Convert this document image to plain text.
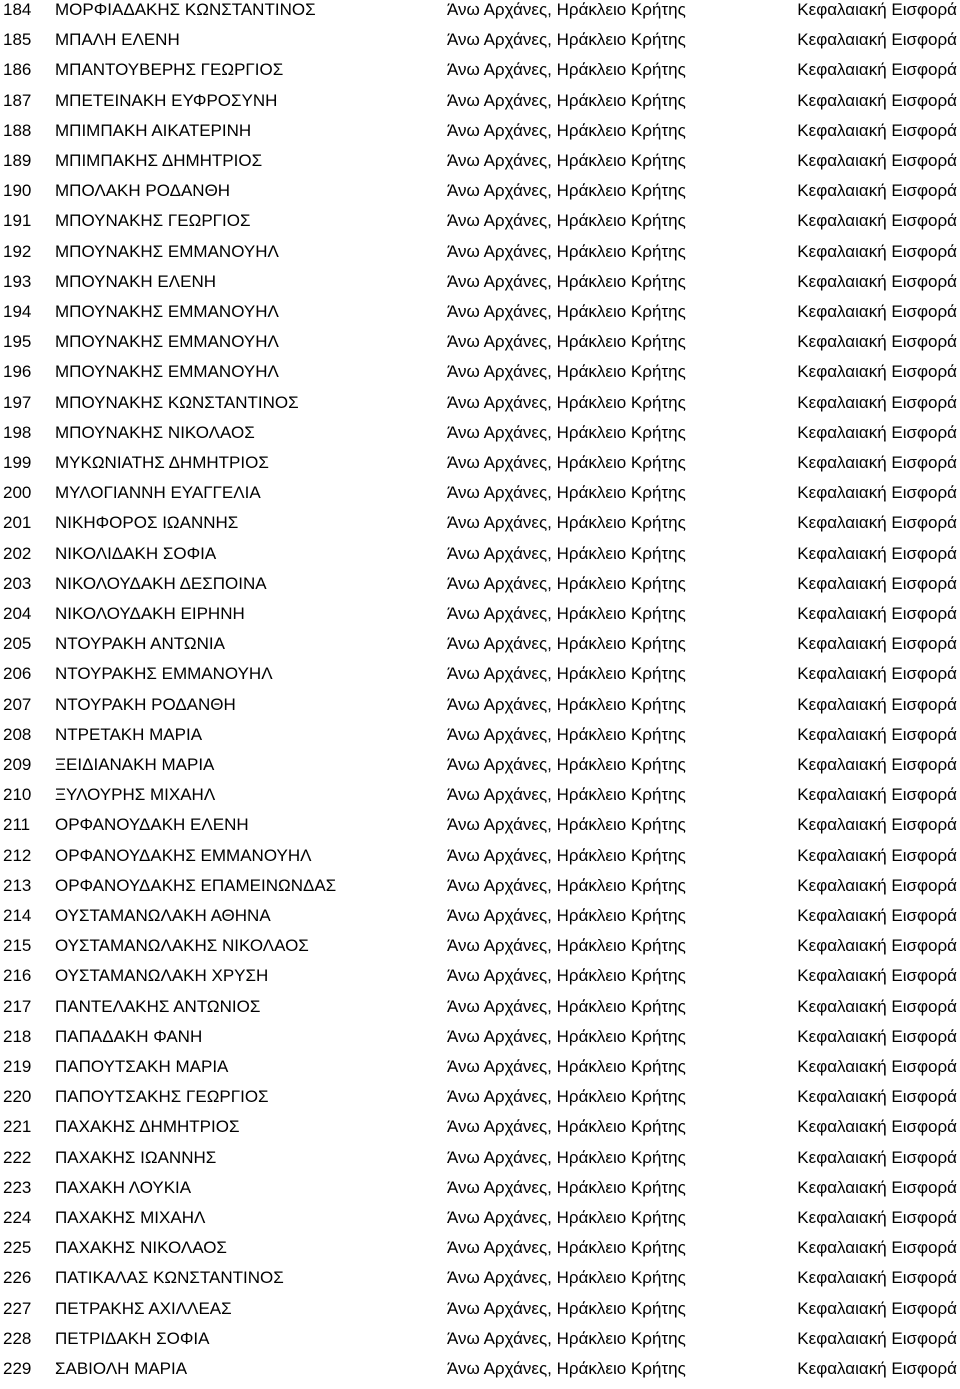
184	ΜΟΡΦΙΑΔΑΚΗΣ ΚΩΝΣΤΑΝΤΙΝΟΣ	Άνω Αρχάνες, Ηράκλειο Κρήτης	Κεφαλαιακή Εισφορά
185	ΜΠΑΛΗ ΕΛΕΝΗ	Άνω Αρχάνες, Ηράκλειο Κρήτης	Κεφαλαιακή Εισφορά
186	ΜΠΑΝΤΟΥΒΕΡΗΣ ΓΕΩΡΓΙΟΣ	Άνω Αρχάνες, Ηράκλειο Κρήτης	Κεφαλαιακή Εισφορά
187	ΜΠΕΤΕΙΝΑΚΗ ΕΥΦΡΟΣΥΝΗ	Άνω Αρχάνες, Ηράκλειο Κρήτης	Κεφαλαιακή Εισφορά
188	ΜΠΙΜΠΑΚΗ ΑΙΚΑΤΕΡΙΝΗ	Άνω Αρχάνες, Ηράκλειο Κρήτης	Κεφαλαιακή Εισφορά
189	ΜΠΙΜΠΑΚΗΣ ΔΗΜΗΤΡΙΟΣ	Άνω Αρχάνες, Ηράκλειο Κρήτης	Κεφαλαιακή Εισφορά
190	ΜΠΟΛΑΚΗ ΡΟΔΑΝΘΗ	Άνω Αρχάνες, Ηράκλειο Κρήτης	Κεφαλαιακή Εισφορά
191	ΜΠΟΥΝΑΚΗΣ ΓΕΩΡΓΙΟΣ	Άνω Αρχάνες, Ηράκλειο Κρήτης	Κεφαλαιακή Εισφορά
192	ΜΠΟΥΝΑΚΗΣ ΕΜΜΑΝΟΥΗΛ	Άνω Αρχάνες, Ηράκλειο Κρήτης	Κεφαλαιακή Εισφορά
193	ΜΠΟΥΝΑΚΗ ΕΛΕΝΗ	Άνω Αρχάνες, Ηράκλειο Κρήτης	Κεφαλαιακή Εισφορά
194	ΜΠΟΥΝΑΚΗΣ ΕΜΜΑΝΟΥΗΛ	Άνω Αρχάνες, Ηράκλειο Κρήτης	Κεφαλαιακή Εισφορά
195	ΜΠΟΥΝΑΚΗΣ ΕΜΜΑΝΟΥΗΛ	Άνω Αρχάνες, Ηράκλειο Κρήτης	Κεφαλαιακή Εισφορά
196	ΜΠΟΥΝΑΚΗΣ ΕΜΜΑΝΟΥΗΛ	Άνω Αρχάνες, Ηράκλειο Κρήτης	Κεφαλαιακή Εισφορά
197	ΜΠΟΥΝΑΚΗΣ ΚΩΝΣΤΑΝΤΙΝΟΣ	Άνω Αρχάνες, Ηράκλειο Κρήτης	Κεφαλαιακή Εισφορά
198	ΜΠΟΥΝΑΚΗΣ ΝΙΚΟΛΑΟΣ	Άνω Αρχάνες, Ηράκλειο Κρήτης	Κεφαλαιακή Εισφορά
199	ΜΥΚΩΝΙΑΤΗΣ ΔΗΜΗΤΡΙΟΣ	Άνω Αρχάνες, Ηράκλειο Κρήτης	Κεφαλαιακή Εισφορά
200	ΜΥΛΟΓΙΑΝΝΗ ΕΥΑΓΓΕΛΙΑ	Άνω Αρχάνες, Ηράκλειο Κρήτης	Κεφαλαιακή Εισφορά
201	ΝΙΚΗΦΟΡΟΣ ΙΩΑΝΝΗΣ	Άνω Αρχάνες, Ηράκλειο Κρήτης	Κεφαλαιακή Εισφορά
202	ΝΙΚΟΛΙΔΑΚΗ ΣΟΦΙΑ	Άνω Αρχάνες, Ηράκλειο Κρήτης	Κεφαλαιακή Εισφορά
203	ΝΙΚΟΛΟΥΔΑΚΗ ΔΕΣΠΟΙΝΑ	Άνω Αρχάνες, Ηράκλειο Κρήτης	Κεφαλαιακή Εισφορά
204	ΝΙΚΟΛΟΥΔΑΚΗ ΕΙΡΗΝΗ	Άνω Αρχάνες, Ηράκλειο Κρήτης	Κεφαλαιακή Εισφορά
205	ΝΤΟΥΡΑΚΗ ΑΝΤΩΝΙΑ	Άνω Αρχάνες, Ηράκλειο Κρήτης	Κεφαλαιακή Εισφορά
206	ΝΤΟΥΡΑΚΗΣ ΕΜΜΑΝΟΥΗΛ	Άνω Αρχάνες, Ηράκλειο Κρήτης	Κεφαλαιακή Εισφορά
207	ΝΤΟΥΡΑΚΗ ΡΟΔΑΝΘΗ	Άνω Αρχάνες, Ηράκλειο Κρήτης	Κεφαλαιακή Εισφορά
208	ΝΤΡΕΤΑΚΗ ΜΑΡΙΑ	Άνω Αρχάνες, Ηράκλειο Κρήτης	Κεφαλαιακή Εισφορά
209	ΞΕΙΔΙΑΝΑΚΗ ΜΑΡΙΑ	Άνω Αρχάνες, Ηράκλειο Κρήτης	Κεφαλαιακή Εισφορά
210	ΞΥΛΟΥΡΗΣ ΜΙΧΑΗΛ	Άνω Αρχάνες, Ηράκλειο Κρήτης	Κεφαλαιακή Εισφορά
211	ΟΡΦΑΝΟΥΔΑΚΗ ΕΛΕΝΗ	Άνω Αρχάνες, Ηράκλειο Κρήτης	Κεφαλαιακή Εισφορά
212	ΟΡΦΑΝΟΥΔΑΚΗΣ ΕΜΜΑΝΟΥΗΛ	Άνω Αρχάνες, Ηράκλειο Κρήτης	Κεφαλαιακή Εισφορά
213	ΟΡΦΑΝΟΥΔΑΚΗΣ ΕΠΑΜΕΙΝΩΝΔΑΣ	Άνω Αρχάνες, Ηράκλειο Κρήτης	Κεφαλαιακή Εισφορά
214	ΟΥΣΤΑΜΑΝΩΛΑΚΗ ΑΘΗΝΑ	Άνω Αρχάνες, Ηράκλειο Κρήτης	Κεφαλαιακή Εισφορά
215	ΟΥΣΤΑΜΑΝΩΛΑΚΗΣ ΝΙΚΟΛΑΟΣ	Άνω Αρχάνες, Ηράκλειο Κρήτης	Κεφαλαιακή Εισφορά
216	ΟΥΣΤΑΜΑΝΩΛΑΚΗ ΧΡΥΣΗ	Άνω Αρχάνες, Ηράκλειο Κρήτης	Κεφαλαιακή Εισφορά
217	ΠΑΝΤΕΛΑΚΗΣ ΑΝΤΩΝΙΟΣ	Άνω Αρχάνες, Ηράκλειο Κρήτης	Κεφαλαιακή Εισφορά
218	ΠΑΠΑΔΑΚΗ ΦΑΝΗ	Άνω Αρχάνες, Ηράκλειο Κρήτης	Κεφαλαιακή Εισφορά
219	ΠΑΠΟΥΤΣΑΚΗ ΜΑΡΙΑ	Άνω Αρχάνες, Ηράκλειο Κρήτης	Κεφαλαιακή Εισφορά
220	ΠΑΠΟΥΤΣΑΚΗΣ ΓΕΩΡΓΙΟΣ	Άνω Αρχάνες, Ηράκλειο Κρήτης	Κεφαλαιακή Εισφορά
221	ΠΑΧΑΚΗΣ ΔΗΜΗΤΡΙΟΣ	Άνω Αρχάνες, Ηράκλειο Κρήτης	Κεφαλαιακή Εισφορά
222	ΠΑΧΑΚΗΣ ΙΩΑΝΝΗΣ	Άνω Αρχάνες, Ηράκλειο Κρήτης	Κεφαλαιακή Εισφορά
223	ΠΑΧΑΚΗ ΛΟΥΚΙΑ	Άνω Αρχάνες, Ηράκλειο Κρήτης	Κεφαλαιακή Εισφορά
224	ΠΑΧΑΚΗΣ ΜΙΧΑΗΛ	Άνω Αρχάνες, Ηράκλειο Κρήτης	Κεφαλαιακή Εισφορά
225	ΠΑΧΑΚΗΣ ΝΙΚΟΛΑΟΣ	Άνω Αρχάνες, Ηράκλειο Κρήτης	Κεφαλαιακή Εισφορά
226	ΠΑΤΙΚΑΛΑΣ ΚΩΝΣΤΑΝΤΙΝΟΣ	Άνω Αρχάνες, Ηράκλειο Κρήτης	Κεφαλαιακή Εισφορά
227	ΠΕΤΡΑΚΗΣ ΑΧΙΛΛΕΑΣ	Άνω Αρχάνες, Ηράκλειο Κρήτης	Κεφαλαιακή Εισφορά
228	ΠΕΤΡΙΔΑΚΗ ΣΟΦΙΑ	Άνω Αρχάνες, Ηράκλειο Κρήτης	Κεφαλαιακή Εισφορά
229	ΣΑΒΙΟΛΗ ΜΑΡΙΑ	Άνω Αρχάνες, Ηράκλειο Κρήτης	Κεφαλαιακή Εισφορά
